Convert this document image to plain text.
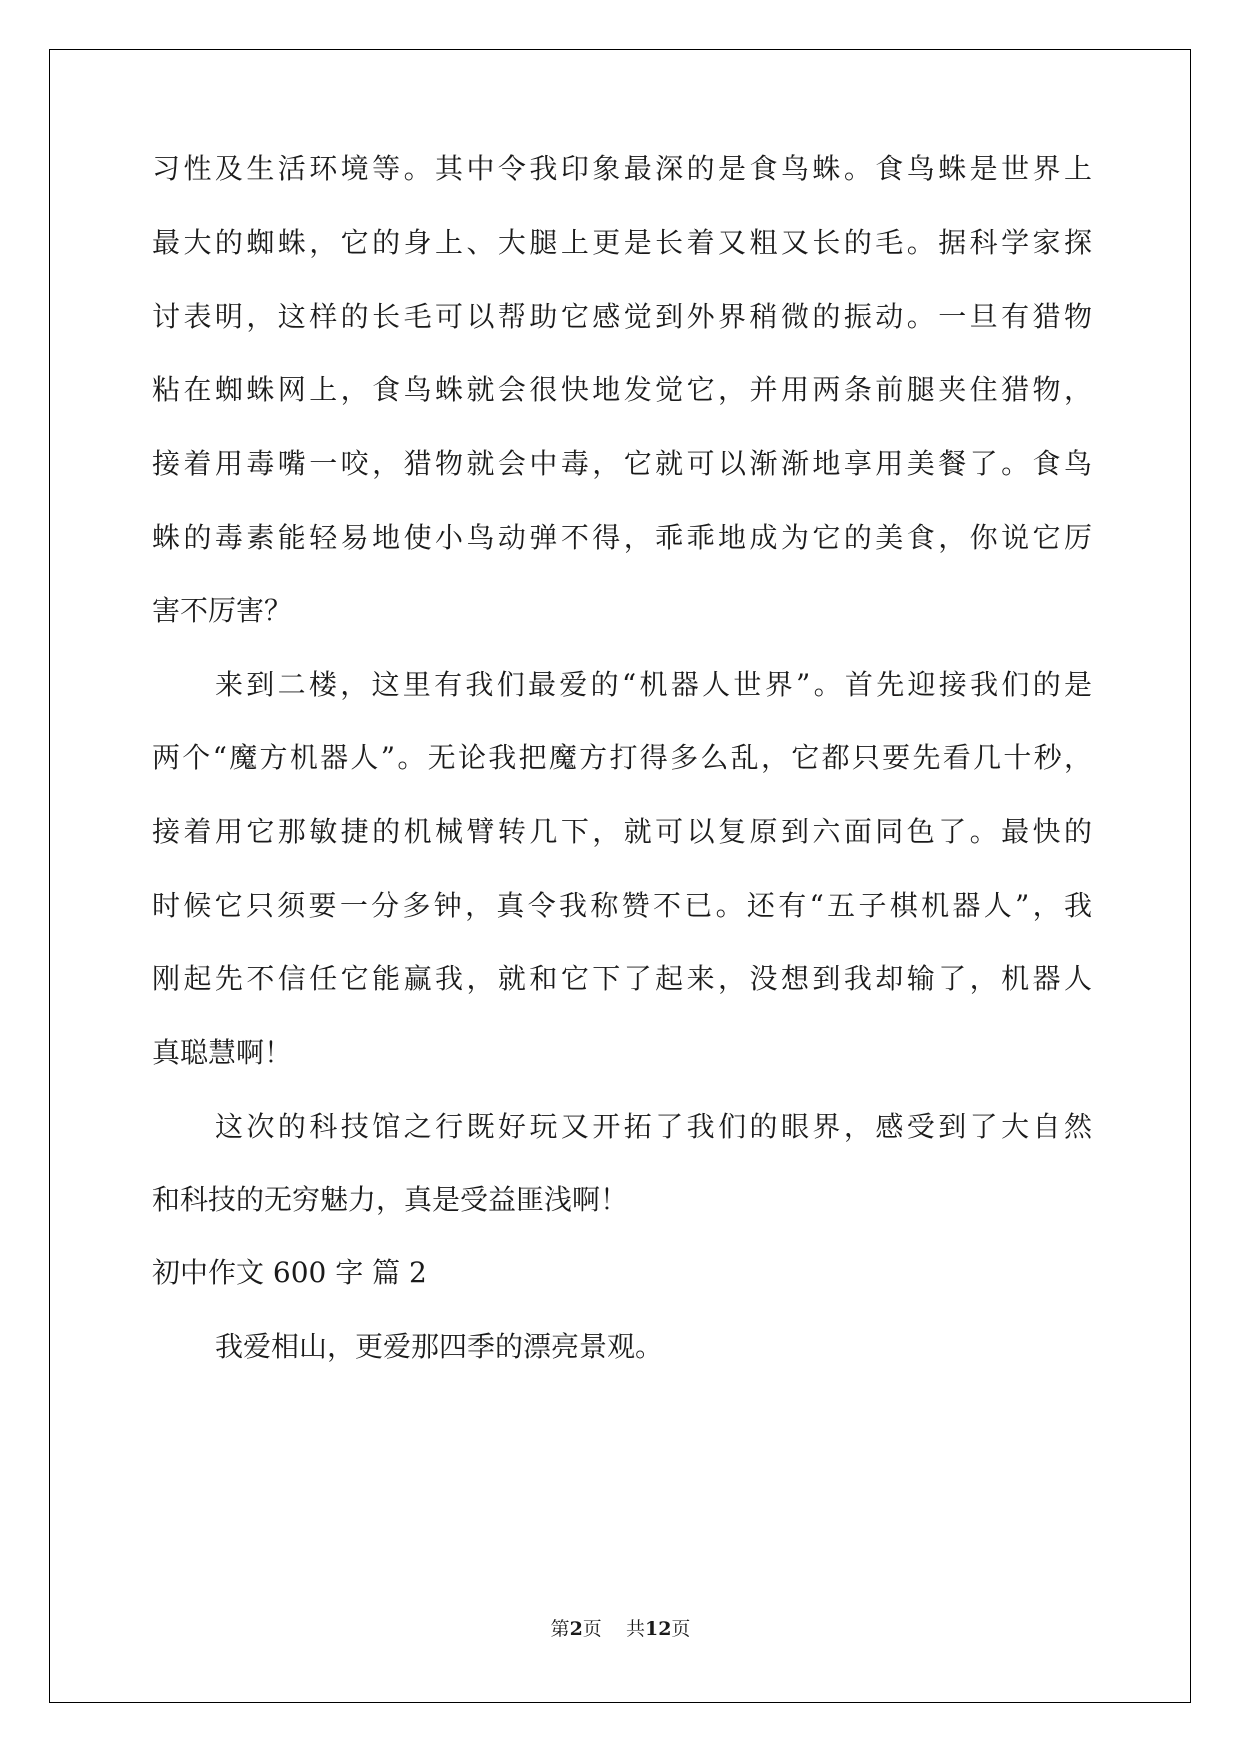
习性及生活环境等。其中令我印象最深的是食鸟蛛。食鸟蛛是世界上
最大的蜘蛛，它的身上、大腿上更是长着又粗又长的毛。据科学家探
讨表明，这样的长毛可以帮助它感觉到外界稍微的振动。一旦有猎物
粘在蜘蛛网上，食鸟蛛就会很快地发觉它，并用两条前腿夹住猎物，
接着用毒嘴一咬，猎物就会中毒，它就可以渐渐地享用美餐了。食鸟
蛛的毒素能轻易地使小鸟动弹不得，乖乖地成为它的美食，你说它厉
害不厉害？
来到二楼，这里有我们最爱的“机器人世界”。首先迎接我们的是
两个“魔方机器人”。无论我把魔方打得多么乱，它都只要先看几十秒，
接着用它那敏捷的机械臂转几下，就可以复原到六面同色了。最快的
时候它只须要一分多钟，真令我称赞不已。还有“五子棋机器人”，我
刚起先不信任它能赢我，就和它下了起来，没想到我却输了，机器人
真聪慧啊！
这次的科技馆之行既好玩又开拓了我们的眼界，感受到了大自然
和科技的无穷魅力，真是受益匪浅啊！
初中作文 600 字 篇 2
我爱相山，更爱那四季的漂亮景观。
第2页    共12页
